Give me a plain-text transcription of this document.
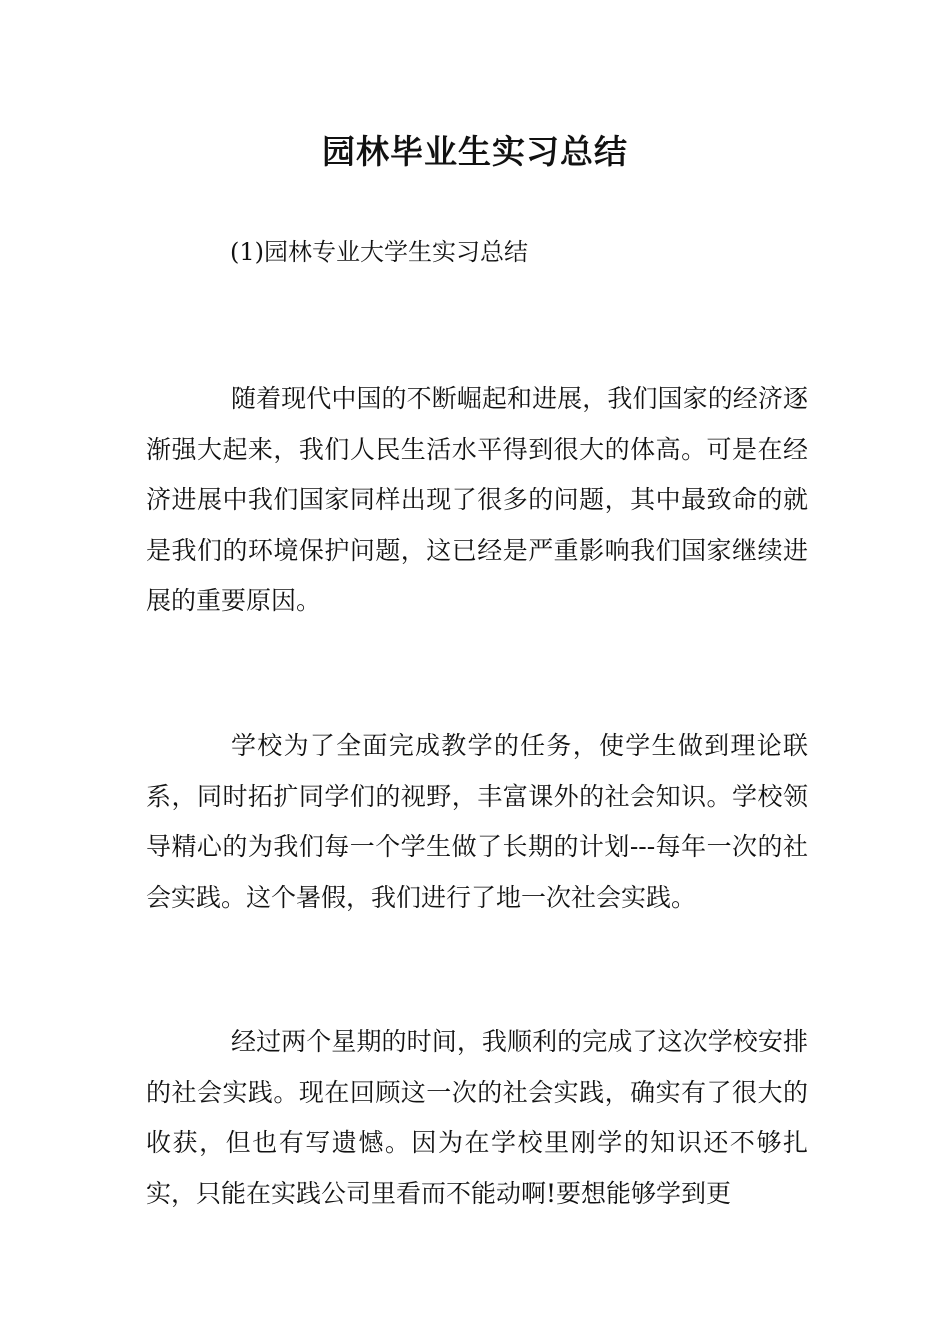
园林毕业生实习总结

(1)园林专业大学生实习总结

随着现代中国的不断崛起和进展，我们国家的经济逐渐强大起来，我们人民生活水平得到很大的体高。可是在经济进展中我们国家同样出现了很多的问题，其中最致命的就是我们的环境保护问题，这已经是严重影响我们国家继续进展的重要原因。

学校为了全面完成教学的任务，使学生做到理论联系，同时拓扩同学们的视野，丰富课外的社会知识。学校领导精心的为我们每一个学生做了长期的计划---每年一次的社会实践。这个暑假，我们进行了地一次社会实践。

经过两个星期的时间，我顺利的完成了这次学校安排的社会实践。现在回顾这一次的社会实践，确实有了很大的收获，但也有写遗憾。因为在学校里刚学的知识还不够扎实，只能在实践公司里看而不能动啊!要想能够学到更
